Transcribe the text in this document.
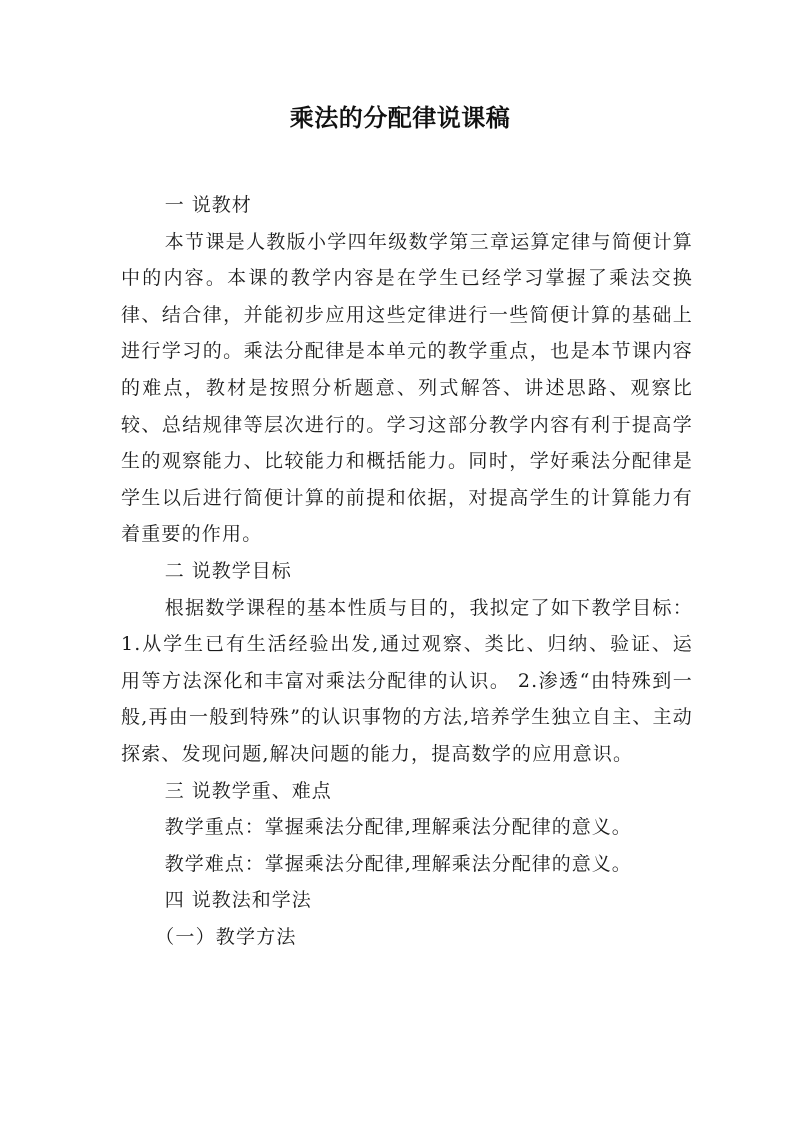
乘法的分配律说课稿

一 说教材

本节课是人教版小学四年级数学第三章运算定律与简便计算中的内容。本课的教学内容是在学生已经学习掌握了乘法交换律、结合律，并能初步应用这些定律进行一些简便计算的基础上进行学习的。乘法分配律是本单元的教学重点，也是本节课内容的难点，教材是按照分析题意、列式解答、讲述思路、观察比较、总结规律等层次进行的。学习这部分教学内容有利于提高学生的观察能力、比较能力和概括能力。同时，学好乘法分配律是学生以后进行简便计算的前提和依据，对提高学生的计算能力有着重要的作用。

二 说教学目标

根据数学课程的基本性质与目的，我拟定了如下教学目标：1.从学生已有生活经验出发,通过观察、类比、归纳、验证、运用等方法深化和丰富对乘法分配律的认识。 2.渗透“由特殊到一般,再由一般到特殊”的认识事物的方法,培养学生独立自主、主动探索、发现问题,解决问题的能力，提高数学的应用意识。

三 说教学重、难点

教学重点：掌握乘法分配律,理解乘法分配律的意义。

教学难点：掌握乘法分配律,理解乘法分配律的意义。

四 说教法和学法

（一）教学方法
